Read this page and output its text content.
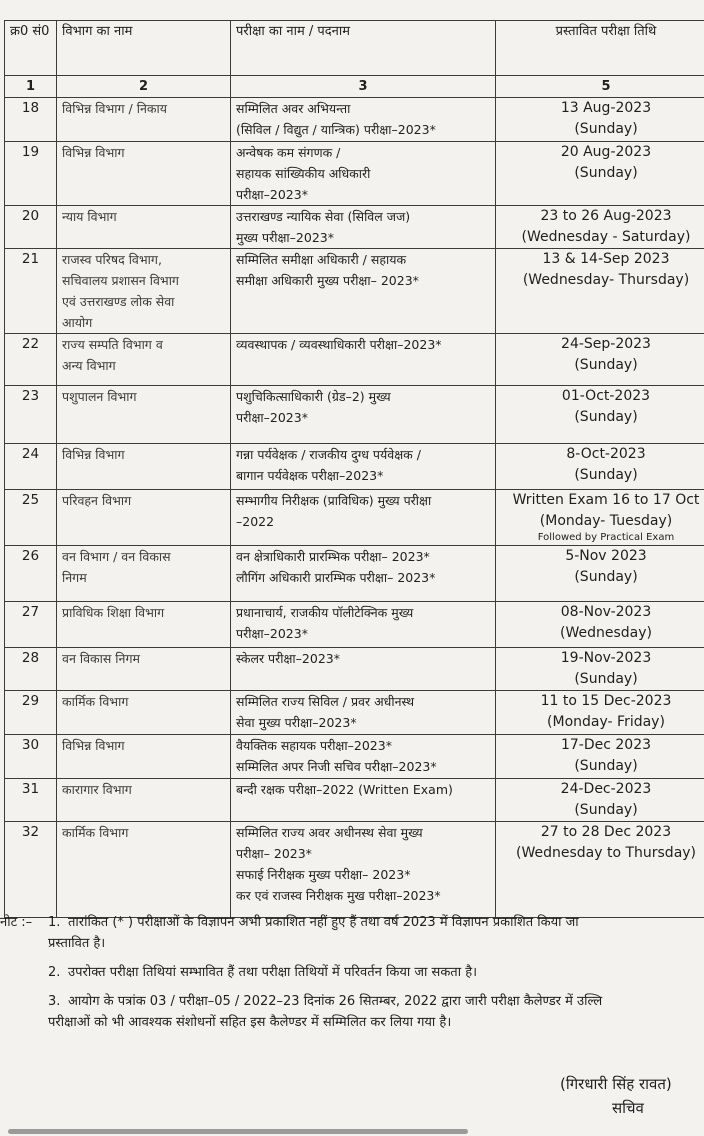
क्र0 सं0	विभाग का नाम	परीक्षा का नाम / पदनाम	प्रस्तावित परीक्षा तिथि
1	2	3	5
18	विभिन्न विभाग / निकाय	सम्मिलित अवर अभियन्ता
(सिविल / विद्युत / यान्त्रिक) परीक्षा–2023*	13 Aug-2023
(Sunday)

19	विभिन्न विभाग	अन्वेषक कम संगणक /
सहायक सांख्यिकीय अधिकारी
परीक्षा–2023*	20 Aug-2023
(Sunday)

20	न्याय विभाग	उत्तराखण्ड न्यायिक सेवा (सिविल जज)
मुख्य परीक्षा–2023*	23 to 26 Aug-2023
(Wednesday - Saturday)

21	राजस्व परिषद विभाग,
सचिवालय प्रशासन विभाग
एवं उत्तराखण्ड लोक सेवा
आयोग	सम्मिलित समीक्षा अधिकारी / सहायक
समीक्षा अधिकारी मुख्य परीक्षा– 2023*	13 & 14-Sep 2023
(Wednesday- Thursday)

22	राज्य सम्पति विभाग व
अन्य विभाग	व्यवस्थापक / व्यवस्थाधिकारी परीक्षा–2023*	24-Sep-2023
(Sunday)

23	पशुपालन विभाग	पशुचिकित्साधिकारी (ग्रेड–2) मुख्य
परीक्षा–2023*	01-Oct-2023
(Sunday)

24	विभिन्न विभाग	गन्ना पर्यवेक्षक / राजकीय दुग्ध पर्यवेक्षक /
बागान पर्यवेक्षक परीक्षा–2023*	8-Oct-2023
(Sunday)

25	परिवहन विभाग	सम्भागीय निरीक्षक (प्राविधिक) मुख्य परीक्षा
–2022	Written Exam 16 to 17 Oct
(Monday- Tuesday)
Followed by Practical Exam

26	वन विभाग / वन विकास
निगम	वन क्षेत्राधिकारी प्रारम्भिक परीक्षा– 2023*
लौगिंग अधिकारी प्रारम्भिक परीक्षा– 2023*	5-Nov 2023
(Sunday)

27	प्राविधिक शिक्षा विभाग	प्रधानाचार्य, राजकीय पॉलीटेक्निक मुख्य
परीक्षा–2023*	08-Nov-2023
(Wednesday)

28	वन विकास निगम	स्केलर परीक्षा–2023*	19-Nov-2023
(Sunday)

29	कार्मिक विभाग	सम्मिलित राज्य सिविल / प्रवर अधीनस्थ
सेवा मुख्य परीक्षा–2023*	11 to 15 Dec-2023
(Monday- Friday)

30	विभिन्न विभाग	वैयक्तिक सहायक परीक्षा–2023*
सम्मिलित अपर निजी सचिव परीक्षा–2023*	17-Dec 2023
(Sunday)

31	कारागार विभाग	बन्दी रक्षक परीक्षा–2022 (Written Exam)	24-Dec-2023
(Sunday)

32	कार्मिक विभाग	सम्मिलित राज्य अवर अधीनस्थ सेवा मुख्य
परीक्षा– 2023*
सफाई निरीक्षक मुख्य परीक्षा– 2023*
कर एवं राजस्व निरीक्षक मुख परीक्षा–2023*	27 to 28 Dec 2023
(Wednesday to Thursday)
नोट :– 1. तारांकित (* ) परीक्षाओं के विज्ञापन अभी प्रकाशित नहीं हुए हैं तथा वर्ष 2023 में विज्ञापन प्रकाशित किया जा
प्रस्तावित है।
2. उपरोक्त परीक्षा तिथियां सम्भावित हैं तथा परीक्षा तिथियों में परिवर्तन किया जा सकता है।
3. आयोग के पत्रांक 03 / परीक्षा–05 / 2022–23 दिनांक 26 सितम्बर, 2022 द्वारा जारी परीक्षा कैलेण्डर में उल्लि
परीक्षाओं को भी आवश्यक संशोधनों सहित इस कैलेण्डर में सम्मिलित कर लिया गया है।
(गिरधारी सिंह रावत)
सचिव
